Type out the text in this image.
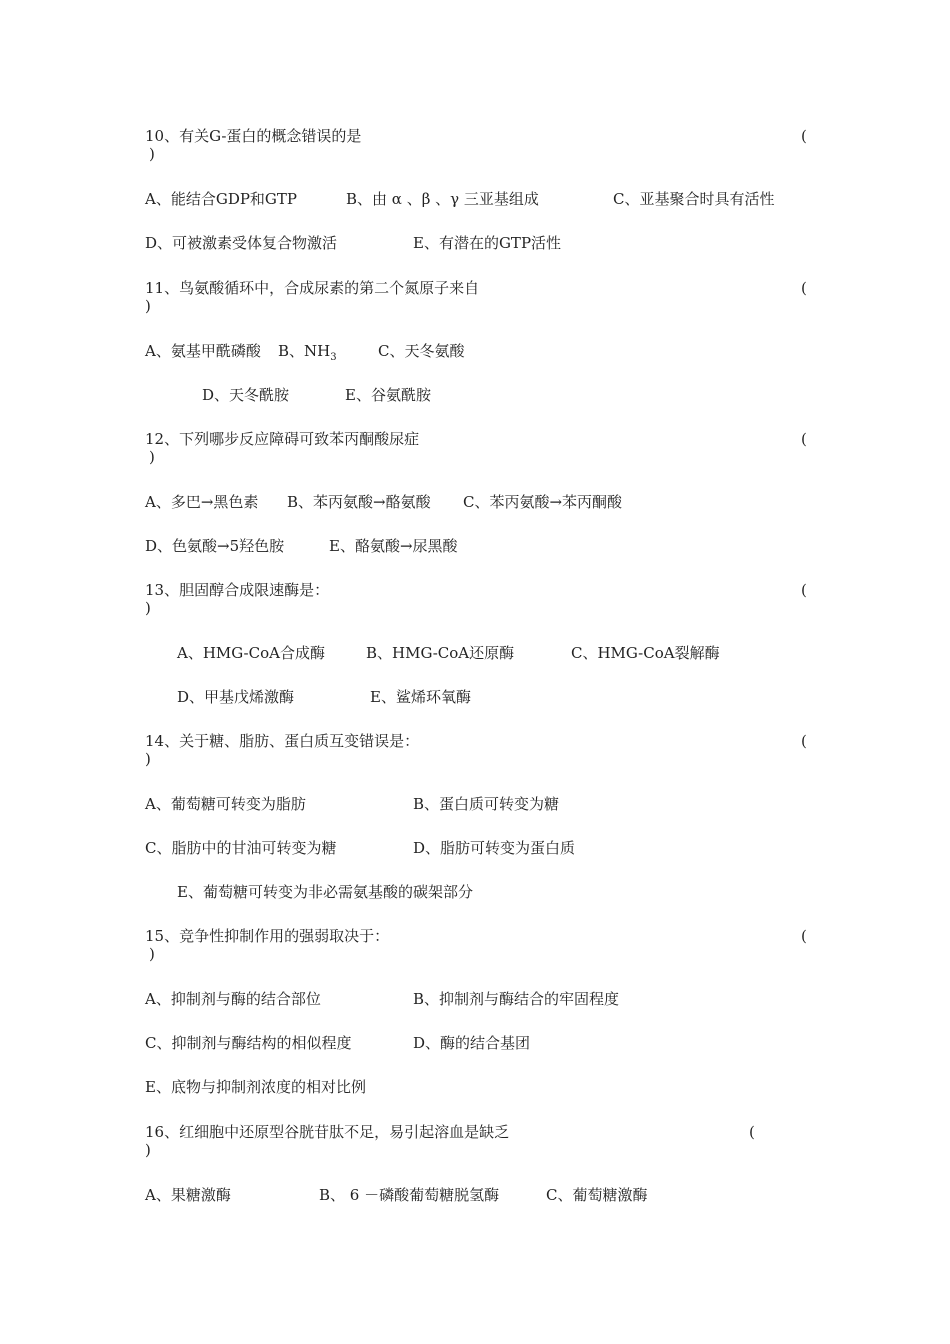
10、有关G-蛋白的概念错误的是	(
)
A、能结合GDP和GTP	B、由 α 、β 、γ 三亚基组成	C、亚基聚合时具有活性
D、可被激素受体复合物激活	E、有潜在的GTP活性
11、鸟氨酸循环中，合成尿素的第二个氮原子来自	(
)
A、氨基甲酰磷酸 B、$NH_3$	C、天冬氨酸
D、天冬酰胺	E、谷氨酰胺
12、下列哪步反应障碍可致苯丙酮酸尿症	(
)
A、多巴→黑色素 B、苯丙氨酸→酪氨酸 C、苯丙氨酸→苯丙酮酸
D、色氨酸→5羟色胺	E、酪氨酸→尿黑酸
13、胆固醇合成限速酶是：	(
)
A、HMG-CoA合成酶	B、HMG-CoA还原酶	C、HMG-CoA裂解酶
D、甲基戊烯激酶	E、鲨烯环氧酶
14、关于糖、脂肪、蛋白质互变错误是：	(
)
A、葡萄糖可转变为脂肪	B、蛋白质可转变为糖
C、脂肪中的甘油可转变为糖	D、脂肪可转变为蛋白质
E、葡萄糖可转变为非必需氨基酸的碳架部分
15、竞争性抑制作用的强弱取决于：	(
)
A、抑制剂与酶的结合部位	B、抑制剂与酶结合的牢固程度
C、抑制剂与酶结构的相似程度	D、酶的结合基团
E、底物与抑制剂浓度的相对比例
16、红细胞中还原型谷胱苷肽不足，易引起溶血是缺乏	(
)
A、果糖激酶	B、 6 －磷酸葡萄糖脱氢酶	C、葡萄糖激酶
